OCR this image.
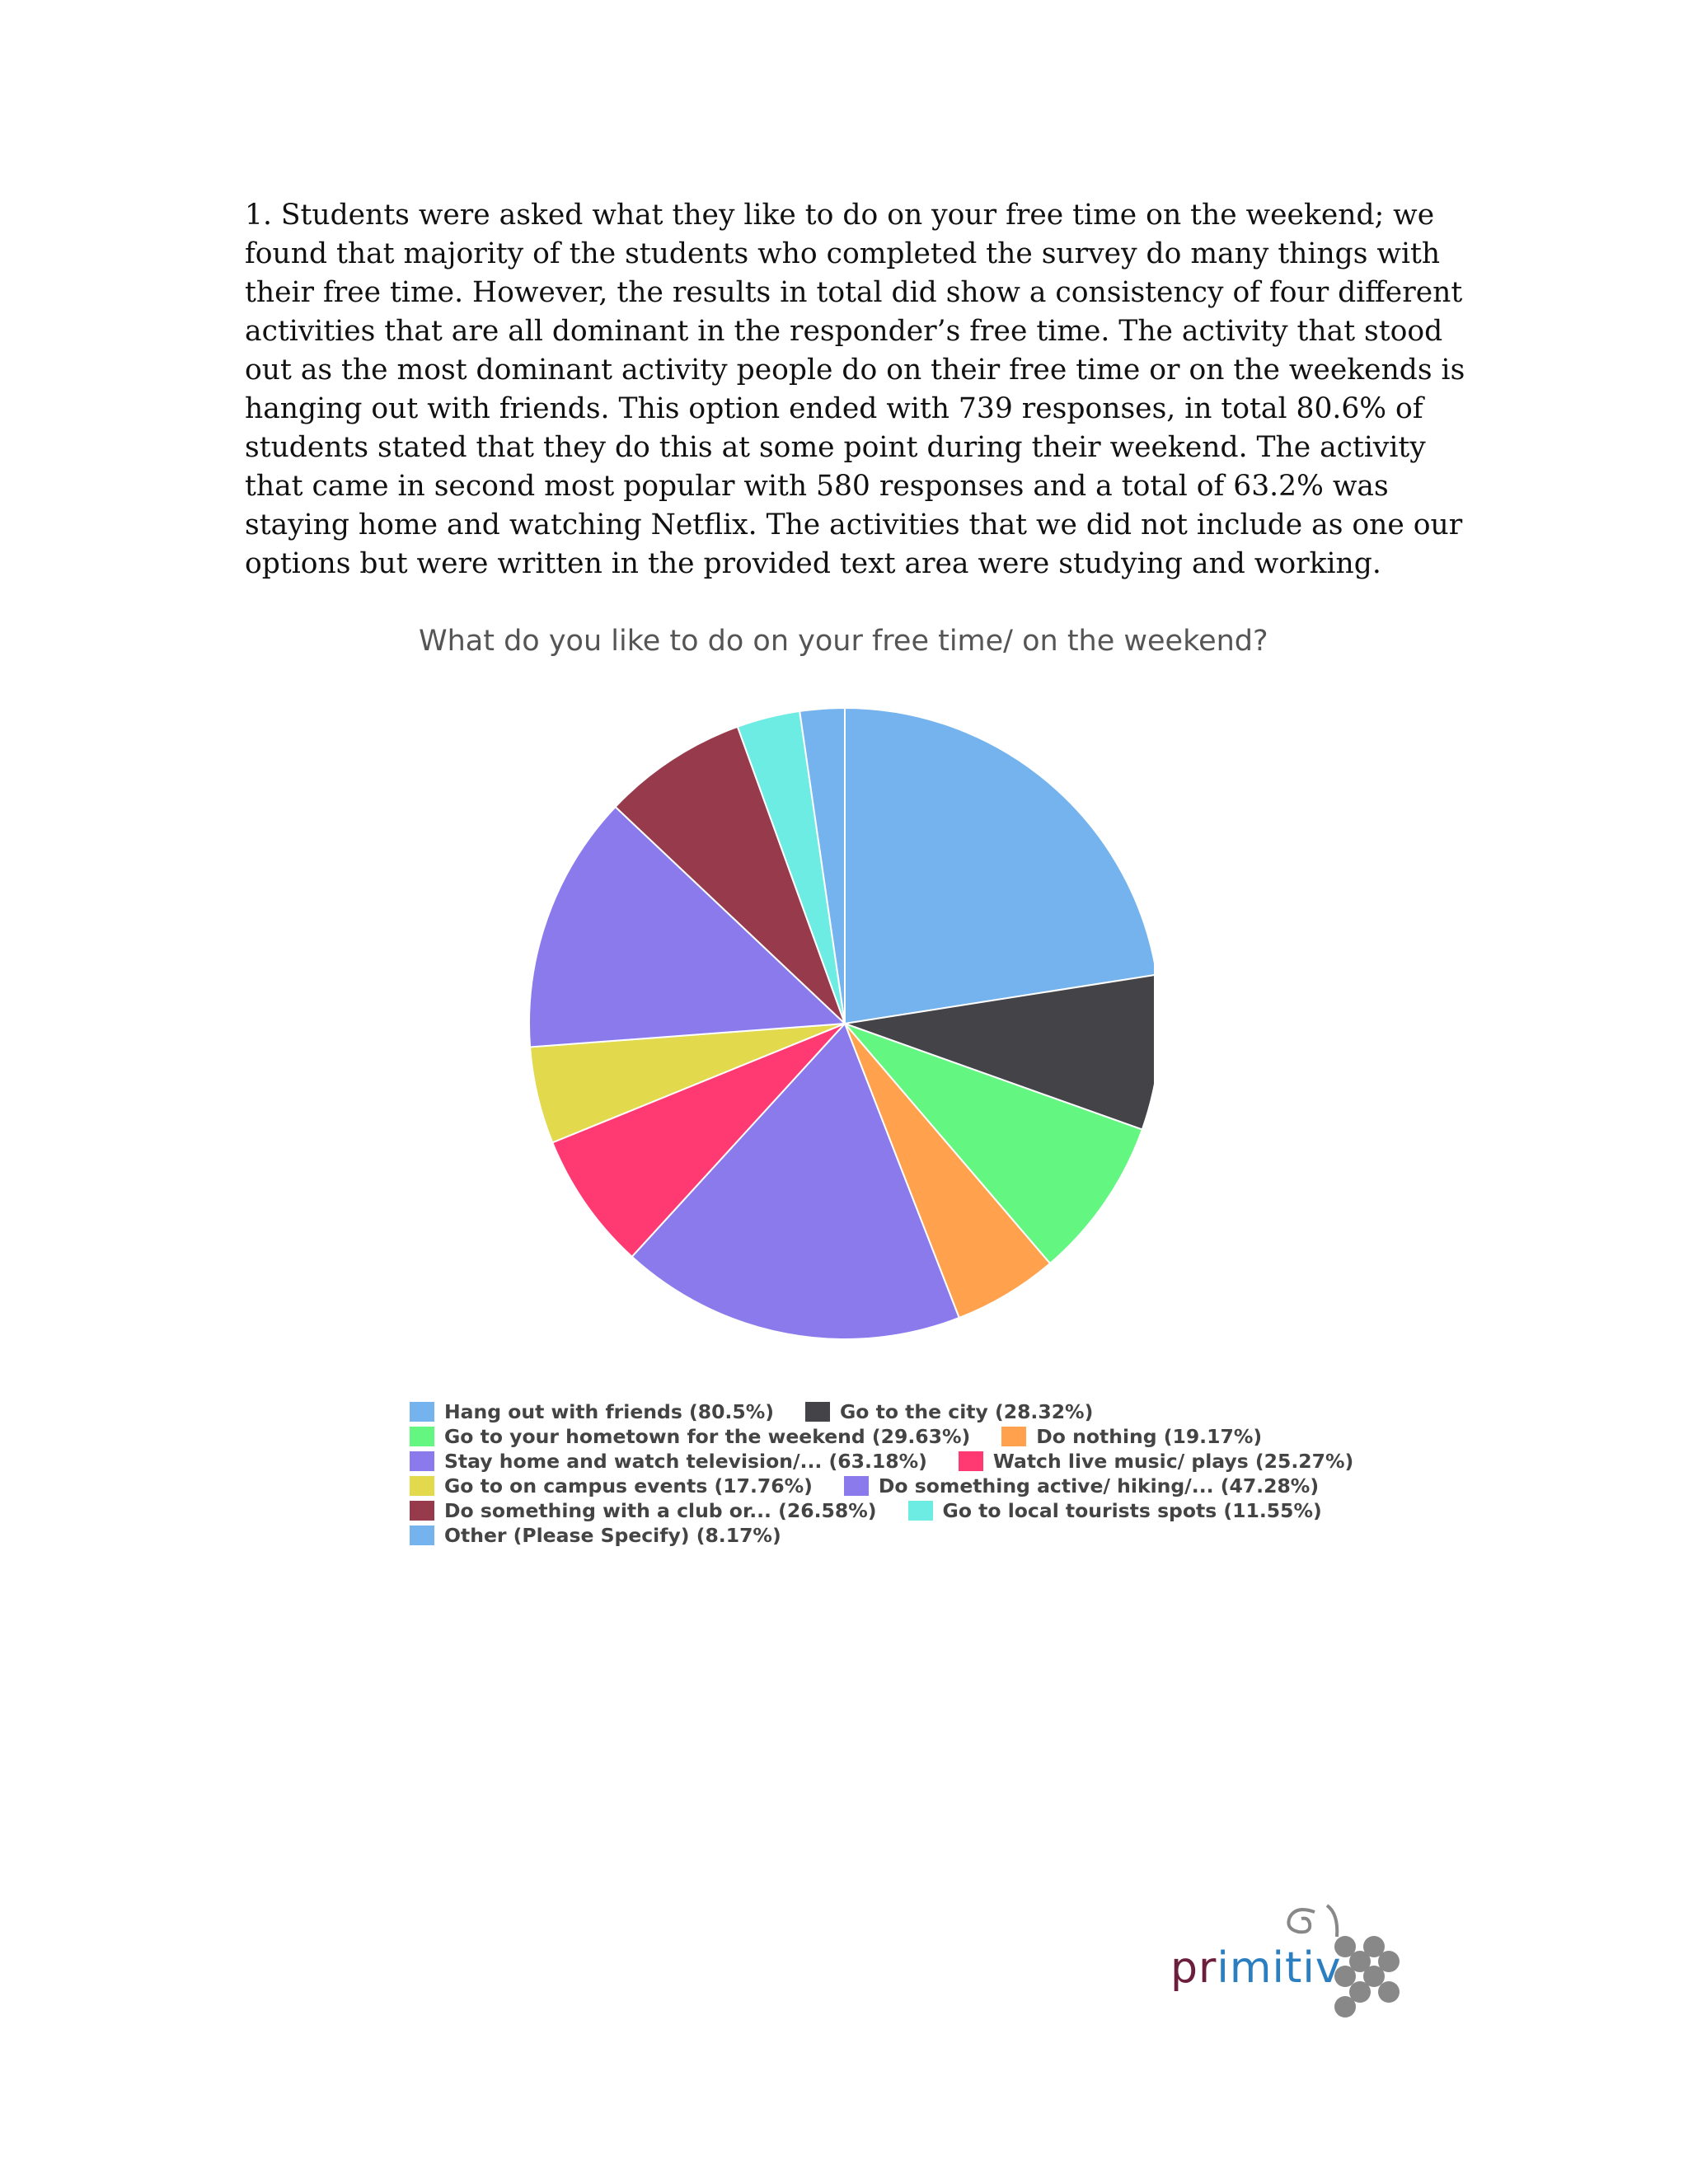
1. Students were asked what they like to do on your free time on the weekend; we
found that majority of the students who completed the survey do many things with
their free time. However, the results in total did show a consistency of four different
activities that are all dominant in the responder’s free time. The activity that stood
out as the most dominant activity people do on their free time or on the weekends is
hanging out with friends. This option ended with 739 responses, in total 80.6% of
students stated that they do this at some point during their weekend. The activity
that came in second most popular with 580 responses and a total of 63.2% was
staying home and watching Netflix. The activities that we did not include as one our
options but were written in the provided text area were studying and working.
What do you like to do on your free time/ on the weekend?
Hang out with friends (80.5%)	Go to the city (28.32%)
Go to your hometown for the weekend (29.63%)	Do nothing (19.17%)
Stay home and watch television/... (63.18%)	Watch live music/ plays (25.27%)
Go to on campus events (17.76%)	Do something active/ hiking/... (47.28%)
Do something with a club or... (26.58%)	Go to local tourists spots (11.55%)
Other (Please Specify) (8.17%)
primitiv
